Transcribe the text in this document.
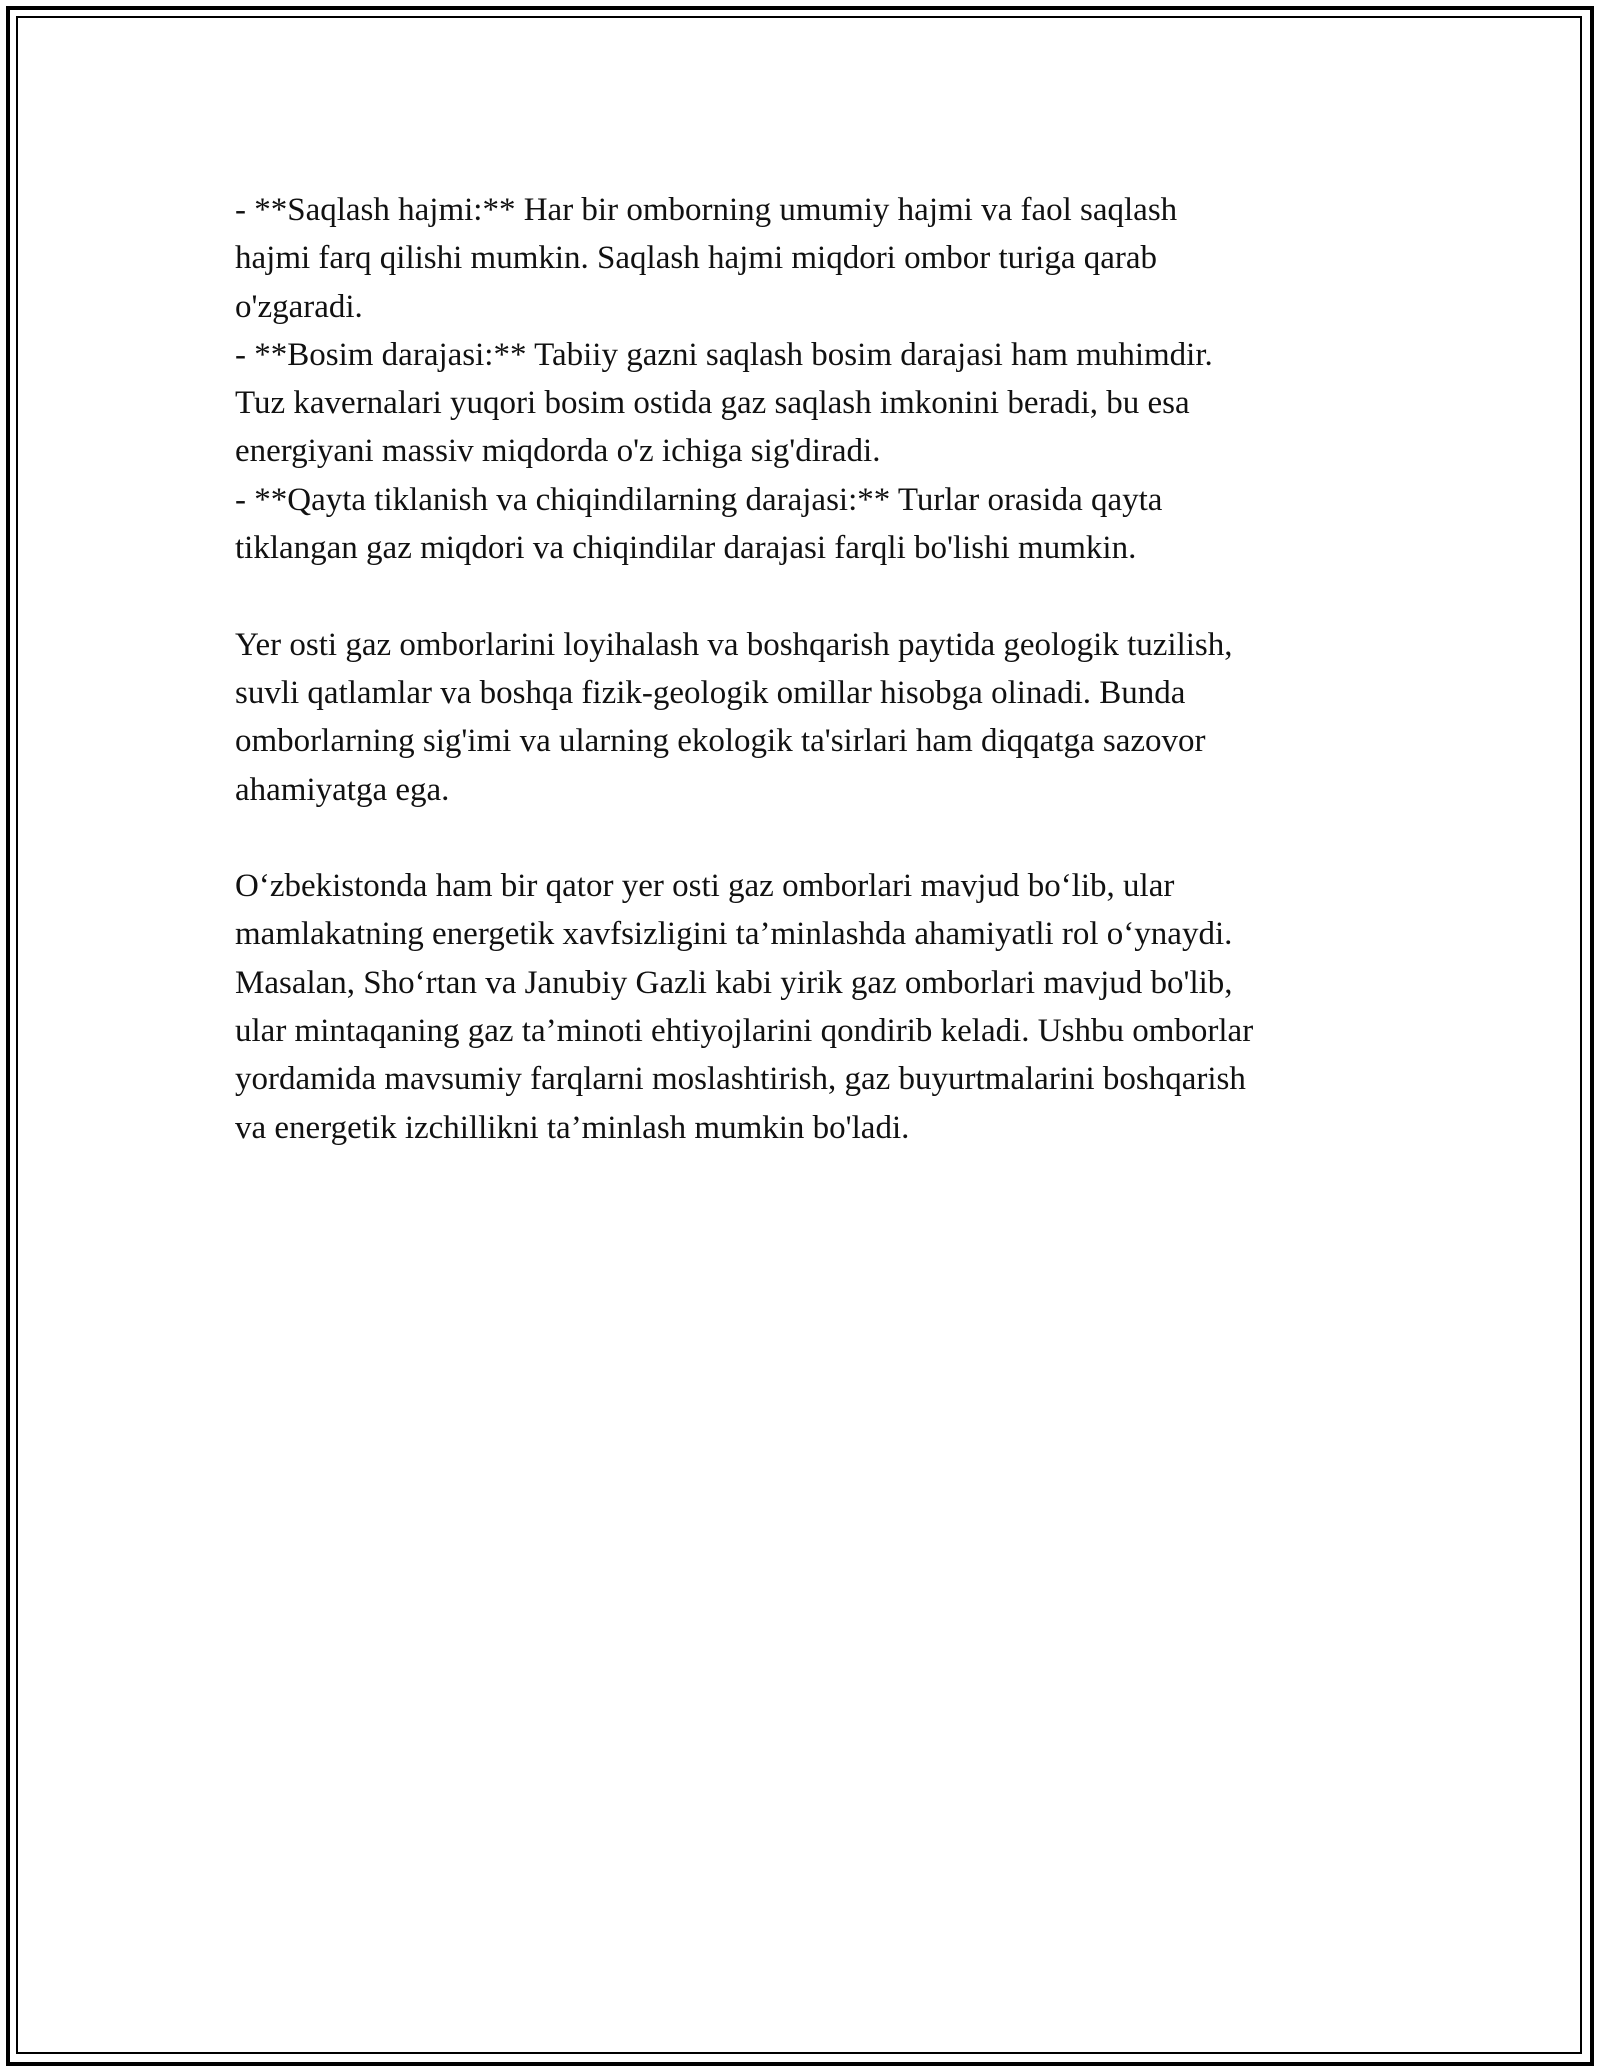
- **Saqlash hajmi:** Har bir omborning umumiy hajmi va faol saqlash
hajmi farq qilishi mumkin. Saqlash hajmi miqdori ombor turiga qarab
o'zgaradi.
- **Bosim darajasi:** Tabiiy gazni saqlash bosim darajasi ham muhimdir.
Tuz kavernalari yuqori bosim ostida gaz saqlash imkonini beradi, bu esa
energiyani massiv miqdorda o'z ichiga sig'diradi.
- **Qayta tiklanish va chiqindilarning darajasi:** Turlar orasida qayta
tiklangan gaz miqdori va chiqindilar darajasi farqli bo'lishi mumkin.
Yer osti gaz omborlarini loyihalash va boshqarish paytida geologik tuzilish,
suvli qatlamlar va boshqa fizik-geologik omillar hisobga olinadi. Bunda
omborlarning sig'imi va ularning ekologik ta'sirlari ham diqqatga sazovor
ahamiyatga ega.
O‘zbekistonda ham bir qator yer osti gaz omborlari mavjud bo‘lib, ular
mamlakatning energetik xavfsizligini ta’minlashda ahamiyatli rol o‘ynaydi.
Masalan, Sho‘rtan va Janubiy Gazli kabi yirik gaz omborlari mavjud bo'lib,
ular mintaqaning gaz ta’minoti ehtiyojlarini qondirib keladi. Ushbu omborlar
yordamida mavsumiy farqlarni moslashtirish, gaz buyurtmalarini boshqarish
va energetik izchillikni ta’minlash mumkin bo'ladi.
